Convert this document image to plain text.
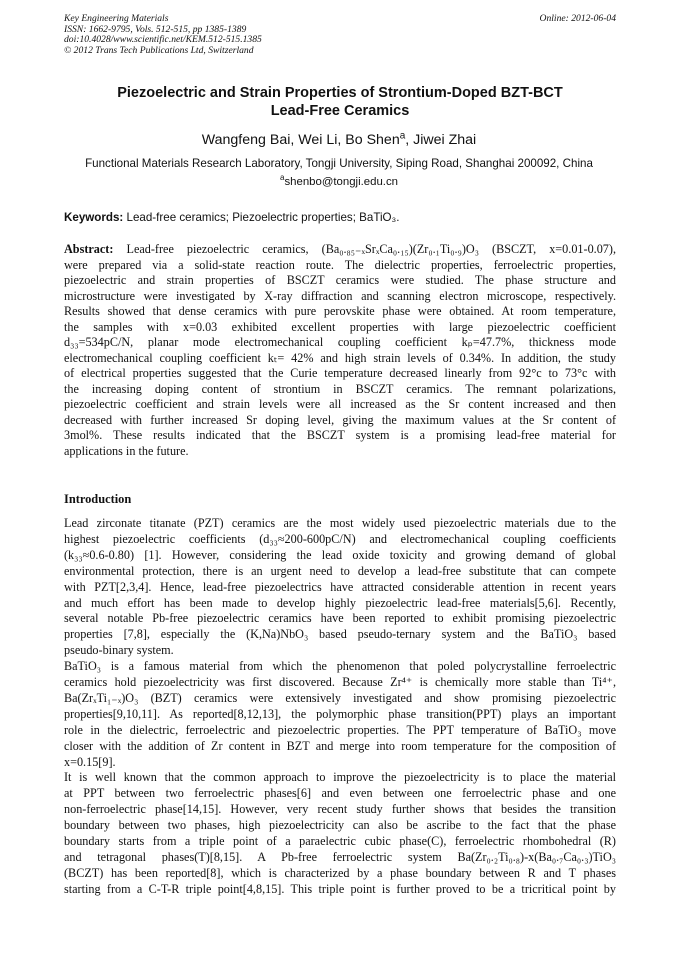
Key Engineering Materials
ISSN: 1662-9795, Vols. 512-515, pp 1385-1389
doi:10.4028/www.scientific.net/KEM.512-515.1385
© 2012 Trans Tech Publications Ltd, Switzerland
Online: 2012-06-04
Piezoelectric and Strain Properties of Strontium-Doped BZT-BCT
Lead-Free Ceramics
Wangfeng Bai, Wei Li, Bo Shen$^a$, Jiwei Zhai
Functional Materials Research Laboratory, Tongji University, Siping Road, Shanghai 200092, China
$^a$shenbo@tongji.edu.cn
Keywords: Lead-free ceramics; Piezoelectric properties; BaTiO₃.
Abstract: Lead-free piezoelectric ceramics, (Ba₀.₈₅₋ₓSrₓCa₀.₁₅)(Zr₀.₁Ti₀.₉)O₃ (BSCZT, x=0.01-0.07),
were prepared via a solid-state reaction route. The dielectric properties, ferroelectric properties,
piezoelectric and strain properties of BSCZT ceramics were studied. The phase structure and
microstructure were investigated by X-ray diffraction and scanning electron microscope, respectively.
Results showed that dense ceramics with pure perovskite phase were obtained. At room temperature,
the samples with x=0.03 exhibited excellent properties with large piezoelectric coefficient
d₃₃=534pC/N, planar mode electromechanical coupling coefficient kₚ=47.7%, thickness mode
electromechanical coupling coefficient kₜ= 42% and high strain levels of 0.34%. In addition, the study
of electrical properties suggested that the Curie temperature decreased linearly from 92°c to 73°c with
the increasing doping content of strontium in BSCZT ceramics. The remnant polarizations,
piezoelectric coefficient and strain levels were all increased as the Sr content increased and then
decreased with further increased Sr doping level, giving the maximum values at the Sr content of
3mol%. These results indicated that the BSCZT system is a promising lead-free material for
applications in the future.
Introduction
Lead zirconate titanate (PZT) ceramics are the most widely used piezoelectric materials due to the
highest piezoelectric coefficients (d₃₃≈200-600pC/N) and electromechanical coupling coefficients
(k₃₃≈0.6-0.80) [1]. However, considering the lead oxide toxicity and growing demand of global
environmental protection, there is an urgent need to develop a lead-free substitute that can compete
with PZT[2,3,4]. Hence, lead-free piezoelectrics have attracted considerable attention in recent years
and much effort has been made to develop highly piezoelectric lead-free materials[5,6]. Recently,
several notable Pb-free piezoelectric ceramics have been reported to exhibit promising piezoelectric
properties [7,8], especially the (K,Na)NbO₃ based pseudo-ternary system and the BaTiO₃ based
pseudo-binary system.
BaTiO₃ is a famous material from which the phenomenon that poled polycrystalline ferroelectric
ceramics hold piezoelectricity was first discovered. Because Zr⁴⁺ is chemically more stable than Ti⁴⁺,
Ba(ZrₓTi₁₋ₓ)O₃ (BZT) ceramics were extensively investigated and show promising piezoelectric
properties[9,10,11]. As reported[8,12,13], the polymorphic phase transition(PPT) plays an important
role in the dielectric, ferroelectric and piezoelectric properties. The PPT temperature of BaTiO₃ move
closer with the addition of Zr content in BZT and merge into room temperature for the composition of
x=0.15[9].
It is well known that the common approach to improve the piezoelectricity is to place the material
at PPT between two ferroelectric phases[6] and even between one ferroelectric phase and one
non-ferroelectric phase[14,15]. However, very recent study further shows that besides the transition
boundary between two phases, high piezoelectricity can also be ascribe to the fact that the phase
boundary starts from a triple point of a paraelectric cubic phase(C), ferroelectric rhombohedral (R)
and tetragonal phases(T)[8,15]. A Pb-free ferroelectric system Ba(Zr₀.₂Ti₀.₈)-x(Ba₀.₇Ca₀.₃)TiO₃
(BCZT) has been reported[8], which is characterized by a phase boundary between R and T phases
starting from a C-T-R triple point[4,8,15]. This triple point is further proved to be a tricritical point by
